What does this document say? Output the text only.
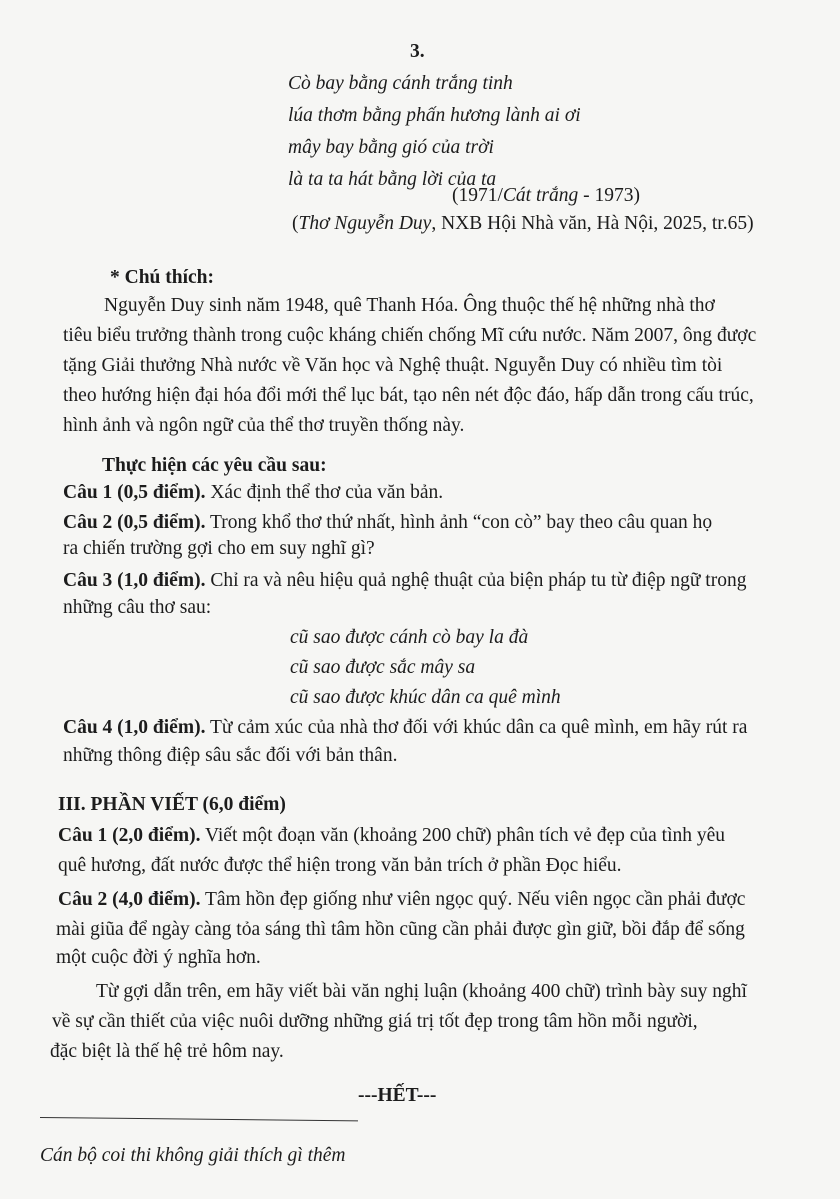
3.
Cò bay bằng cánh trắng tinh
lúa thơm bằng phấn hương lành ai ơi
mây bay bằng gió của trời
là ta ta hát bằng lời của ta
(1971/Cát trắng - 1973)
(Thơ Nguyễn Duy, NXB Hội Nhà văn, Hà Nội, 2025, tr.65)
* Chú thích:
Nguyễn Duy sinh năm 1948, quê Thanh Hóa. Ông thuộc thế hệ những nhà thơ
tiêu biểu trưởng thành trong cuộc kháng chiến chống Mĩ cứu nước. Năm 2007, ông được
tặng Giải thưởng Nhà nước về Văn học và Nghệ thuật. Nguyễn Duy có nhiều tìm tòi
theo hướng hiện đại hóa đổi mới thể lục bát, tạo nên nét độc đáo, hấp dẫn trong cấu trúc,
hình ảnh và ngôn ngữ của thể thơ truyền thống này.
Thực hiện các yêu cầu sau:
Câu 1 (0,5 điểm). Xác định thể thơ của văn bản.
Câu 2 (0,5 điểm). Trong khổ thơ thứ nhất, hình ảnh “con cò” bay theo câu quan họ
ra chiến trường gợi cho em suy nghĩ gì?
Câu 3 (1,0 điểm). Chỉ ra và nêu hiệu quả nghệ thuật của biện pháp tu từ điệp ngữ trong
những câu thơ sau:
cũ sao được cánh cò bay la đà
cũ sao được sắc mây sa
cũ sao được khúc dân ca quê mình
Câu 4 (1,0 điểm). Từ cảm xúc của nhà thơ đối với khúc dân ca quê mình, em hãy rút ra
những thông điệp sâu sắc đối với bản thân.
III. PHẦN VIẾT (6,0 điểm)
Câu 1 (2,0 điểm). Viết một đoạn văn (khoảng 200 chữ) phân tích vẻ đẹp của tình yêu
quê hương, đất nước được thể hiện trong văn bản trích ở phần Đọc hiểu.
Câu 2 (4,0 điểm). Tâm hồn đẹp giống như viên ngọc quý. Nếu viên ngọc cần phải được
mài giũa để ngày càng tỏa sáng thì tâm hồn cũng cần phải được gìn giữ, bồi đắp để sống
một cuộc đời ý nghĩa hơn.
Từ gợi dẫn trên, em hãy viết bài văn nghị luận (khoảng 400 chữ) trình bày suy nghĩ
về sự cần thiết của việc nuôi dưỡng những giá trị tốt đẹp trong tâm hồn mỗi người,
đặc biệt là thế hệ trẻ hôm nay.
---HẾT---
Cán bộ coi thi không giải thích gì thêm
